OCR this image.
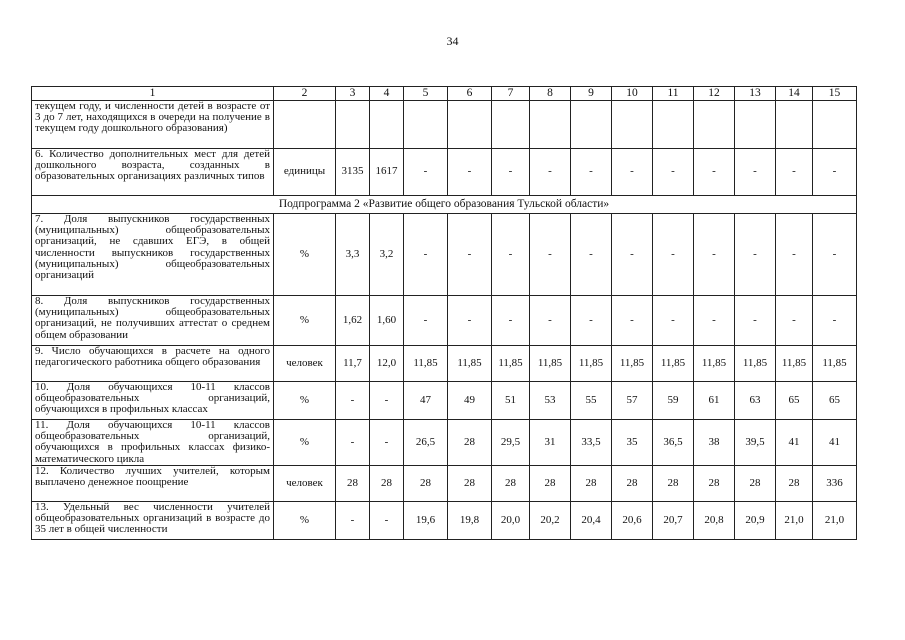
34
1	2	3	4	5	6	7	8	9	10	11	12	13	14	15
текущем году, и численности детей в возрасте от 3 до 7 лет, находящихся в очереди на получение в текущем году дошкольного образования)														
6. Количество дополнительных мест для детей дошкольного возраста, созданных в образовательных организациях различных типов	единицы	3135	1617	-	-	-	-	-	-	-	-	-	-	-
Подпрограмма 2 «Развитие общего образования Тульской области»														
7. Доля выпускников государственных (муниципальных) общеобразовательных организаций, не сдавших ЕГЭ, в общей численности выпускников государственных (муниципальных) общеобразовательных организаций	%	3,3	3,2	-	-	-	-	-	-	-	-	-	-	-
8. Доля выпускников государственных (муниципальных) общеобразовательных организаций, не получивших аттестат о среднем общем образовании	%	1,62	1,60	-	-	-	-	-	-	-	-	-	-	-
9. Число обучающихся в расчете на одного педагогического работника общего образования	человек	11,7	12,0	11,85	11,85	11,85	11,85	11,85	11,85	11,85	11,85	11,85	11,85	11,85
10. Доля обучающихся 10-11 классов общеобразовательных организаций, обучающихся в профильных классах	%	-	-	47	49	51	53	55	57	59	61	63	65	65
11. Доля обучающихся 10-11 классов общеобразовательных организаций, обучающихся в профильных классах физико-математического цикла	%	-	-	26,5	28	29,5	31	33,5	35	36,5	38	39,5	41	41
12. Количество лучших учителей, которым выплачено денежное поощрение	человек	28	28	28	28	28	28	28	28	28	28	28	28	336
13. Удельный вес численности учителей общеобразовательных организаций в возрасте до 35 лет в общей численности	%	-	-	19,6	19,8	20,0	20,2	20,4	20,6	20,7	20,8	20,9	21,0	21,0
